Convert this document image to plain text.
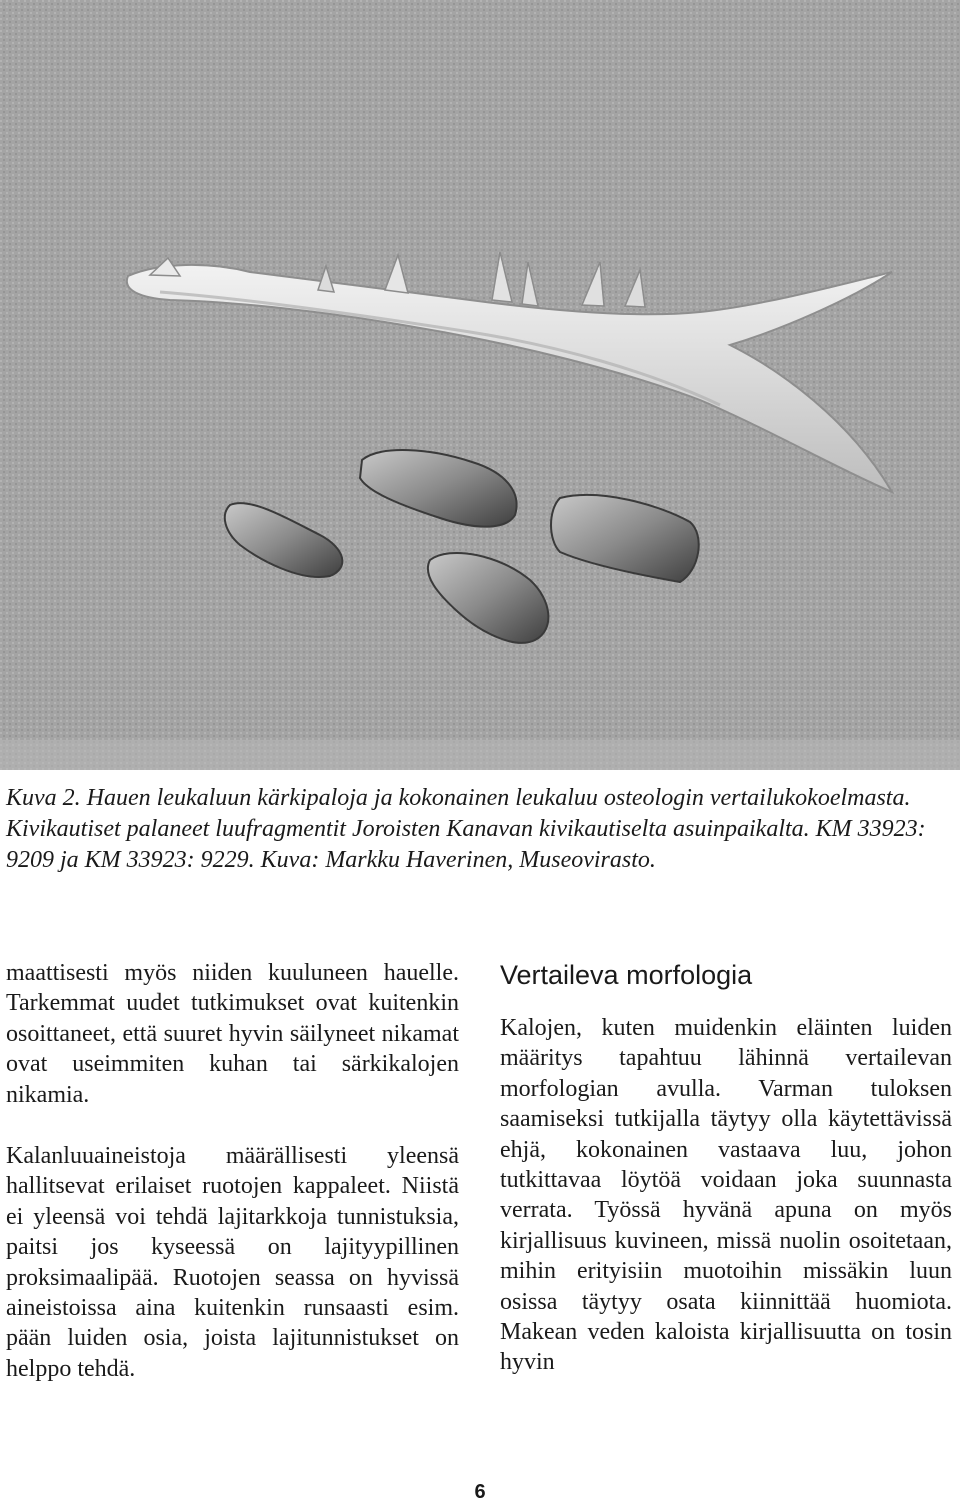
Kuva 2. Hauen leukaluun kärkipaloja ja kokonainen leukaluu osteologin vertailukokoelmasta. Kivikautiset palaneet luufragmentit Joroisten Kanavan kivikautiselta asuinpaikalta. KM 33923: 9209 ja KM 33923: 9229. Kuva: Markku Haverinen, Museovirasto.

maattisesti myös niiden kuuluneen hauelle. Tarkemmat uudet tutkimukset ovat kuitenkin osoittaneet, että suuret hyvin säilyneet nikamat ovat useimmiten kuhan tai särkikalojen nikamia.

Kalanluuaineistoja määrällisesti yleensä hallitsevat erilaiset ruotojen kappaleet. Niistä ei yleensä voi tehdä lajitarkkoja tunnistuksia, paitsi jos kyseessä on lajityypillinen proksimaalipää. Ruotojen seassa on hyvissä aineistoissa aina kuitenkin runsaasti esim. pään luiden osia, joista lajitunnistukset on helppo tehdä.

Vertaileva morfologia

Kalojen, kuten muidenkin eläinten luiden määritys tapahtuu lähinnä vertailevan morfologian avulla. Varman tuloksen saamiseksi tutkijalla täytyy olla käytettävissä ehjä, kokonainen vastaava luu, johon tutkittavaa löytöä voidaan joka suunnasta verrata. Työssä hyvänä apuna on myös kirjallisuus kuvineen, missä nuolin osoitetaan, mihin erityisiin muotoihin missäkin luun osissa täytyy osata kiinnittää huomiota. Makean veden kaloista kirjallisuutta on tosin hyvin

6
